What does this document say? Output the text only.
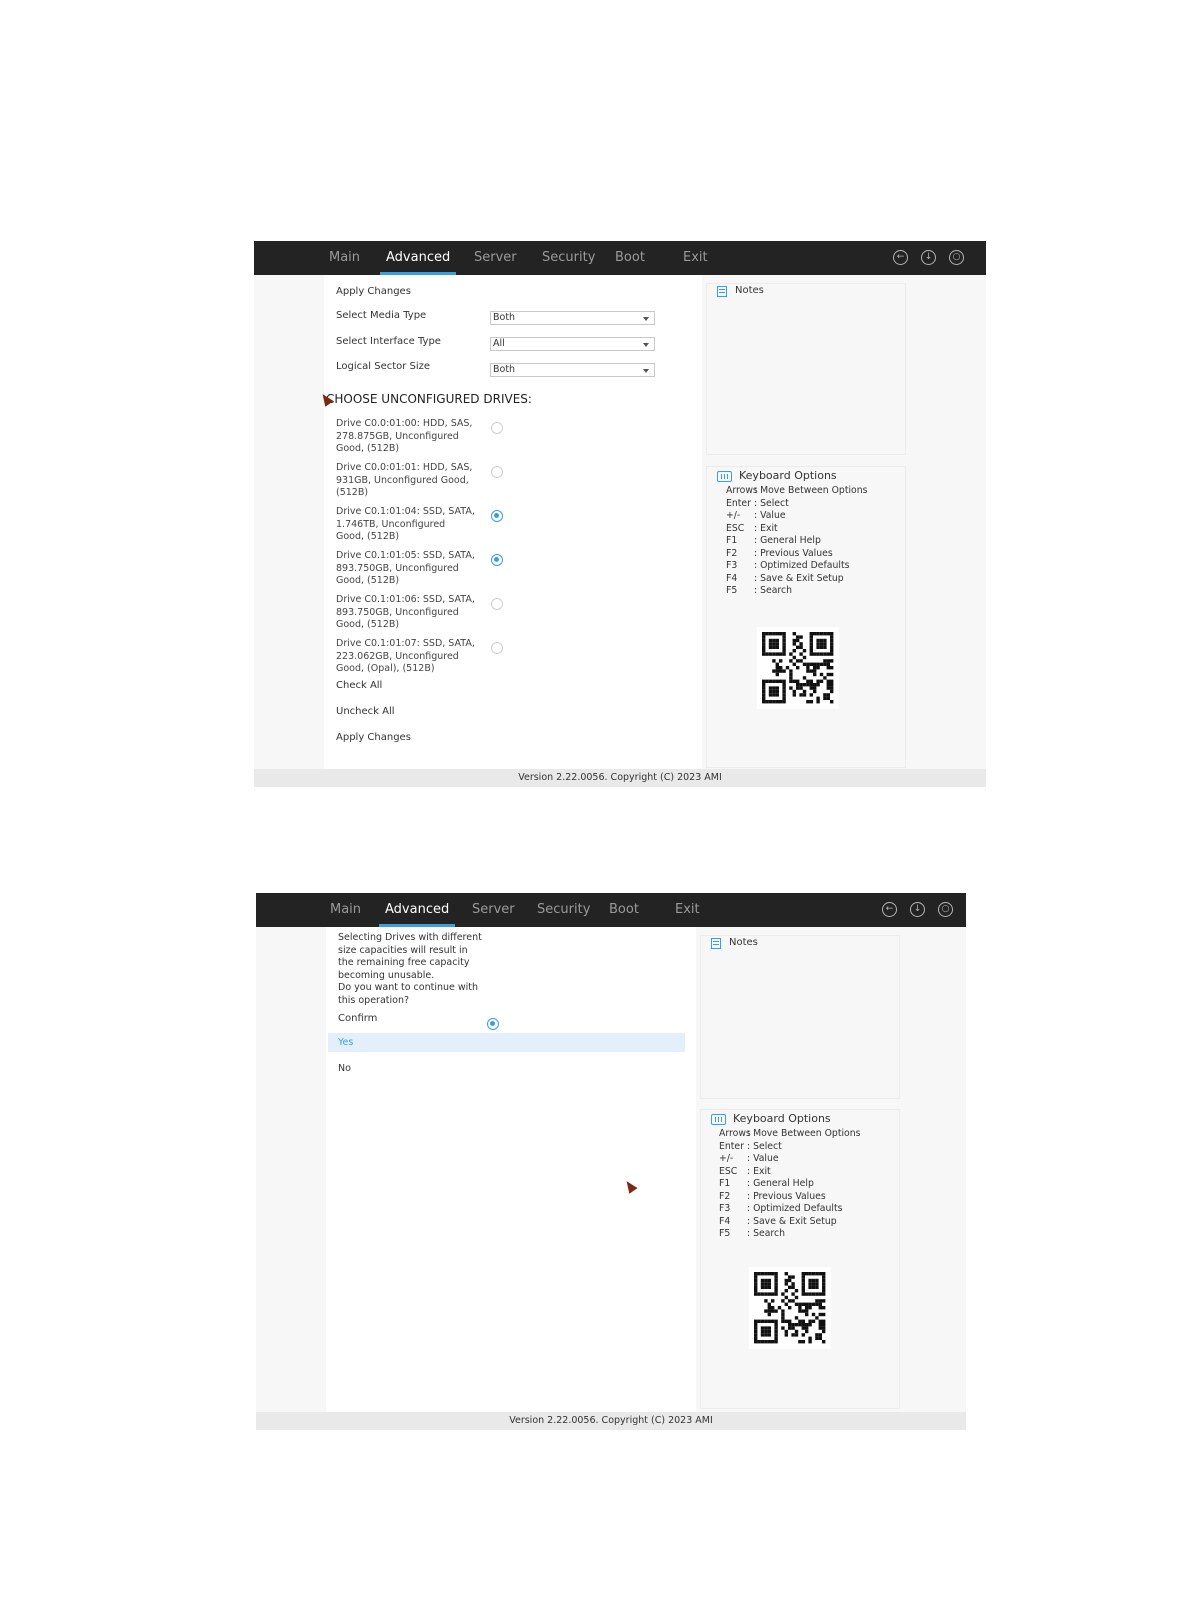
Main Advanced Server Security Boot	Exit	←	↓	○
Apply Changes
Select Media Type	Both
Select Interface Type	All
Logical Sector Size	Both
CHOOSE UNCONFIGURED DRIVES:
Drive C0.0:01:00: HDD, SAS, 278.875GB, Unconfigured Good, (512B)
Drive C0.0:01:01: HDD, SAS, 931GB, Unconfigured Good, (512B)
Drive C0.1:01:04: SSD, SATA, 1.746TB, Unconfigured Good, (512B)
Drive C0.1:01:05: SSD, SATA, 893.750GB, Unconfigured Good, (512B)
Drive C0.1:01:06: SSD, SATA, 893.750GB, Unconfigured Good, (512B)
Drive C0.1:01:07: SSD, SATA, 223.062GB, Unconfigured Good, (Opal), (512B)
Check All
Uncheck All
Apply Changes
Notes
Keyboard Options
Arrows: Move Between Options
Enter : Select
+/- : Value
ESC : Exit
F1 : General Help
F2 : Previous Values
F3 : Optimized Defaults
F4 : Save & Exit Setup
F5 : Search
Version 2.22.0056. Copyright (C) 2023 AMI
Main Advanced Server Security Boot	Exit	←	↓	○
Selecting Drives with different
size capacities will result in
the remaining free capacity
becoming unusable.
Do you want to continue with
this operation?
Confirm
Yes
No
Notes
Keyboard Options
Arrows: Move Between Options
Enter : Select
+/- : Value
ESC : Exit
F1 : General Help
F2 : Previous Values
F3 : Optimized Defaults
F4 : Save & Exit Setup
F5 : Search
Version 2.22.0056. Copyright (C) 2023 AMI
